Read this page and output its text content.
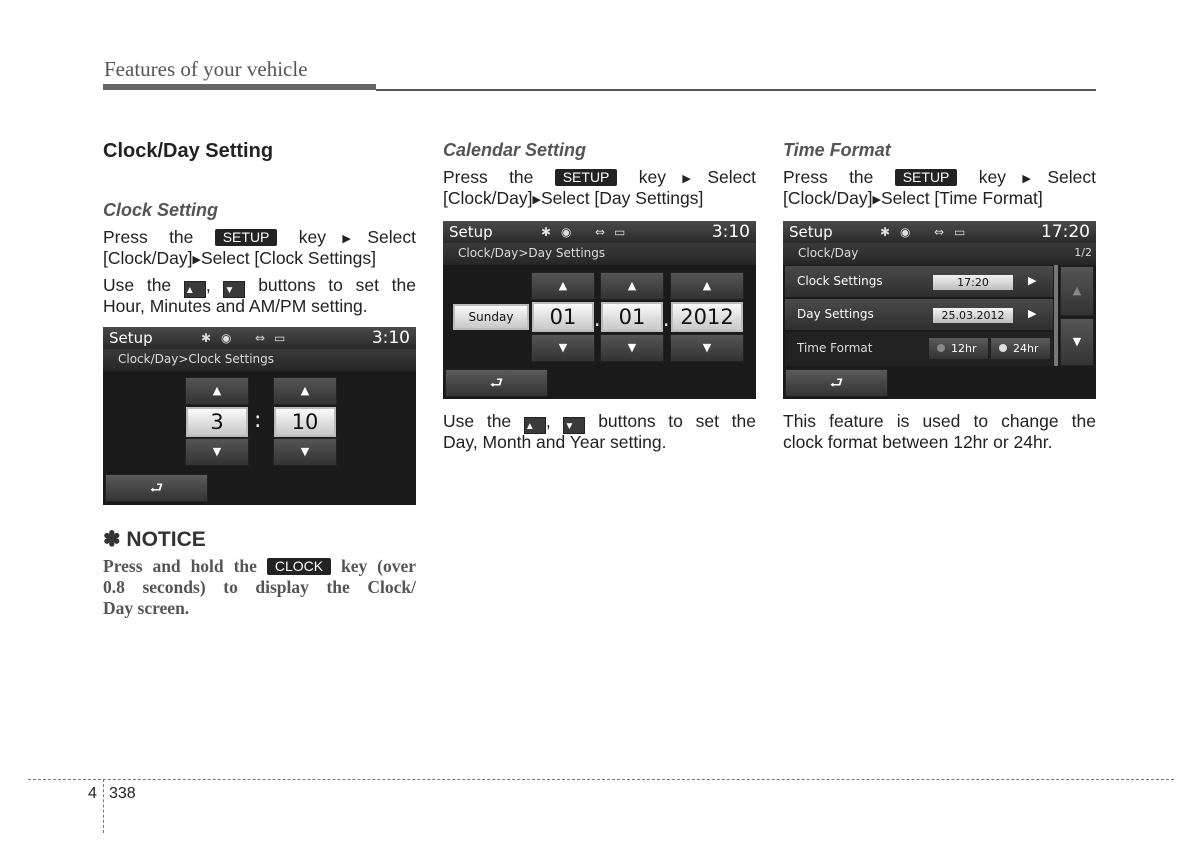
Features of your vehicle
Clock/Day Setting
Clock Setting
Press the SETUP key▶Select
[Clock/Day]▶Select [Clock Settings]
Use the ▲ , ▼ buttons to set the
Hour, Minutes and AM/PM setting.
Setup	✱ ◉ ⇔ ▭	3:10
Clock/Day>Clock Settings
▲
3
▼
:
▲
10
▼
⮐
✽ NOTICE
Press and hold the CLOCK key (over
0.8 seconds) to display the Clock/
Day screen.
Calendar Setting
Press the SETUP key▶Select
[Clock/Day]▶Select [Day Settings]
Setup	✱ ◉ ⇔ ▭	3:10
Clock/Day>Day Settings
Sunday
▲
01
▼
.
▲
01
▼
.
▲
2012
▼
⮐
Use the ▲ , ▼ buttons to set the
Day, Month and Year setting.
Time Format
Press the SETUP key▶Select
[Clock/Day]▶Select [Time Format]
Setup	✱ ◉ ⇔ ▭	17:20
Clock/Day	1/2
Clock Settings	17:20	▶
Day Settings	25.03.2012	▶
Time Format	12hr	24hr
▲
▼
⮐
This feature is used to change the
clock format between 12hr or 24hr.
4 338
